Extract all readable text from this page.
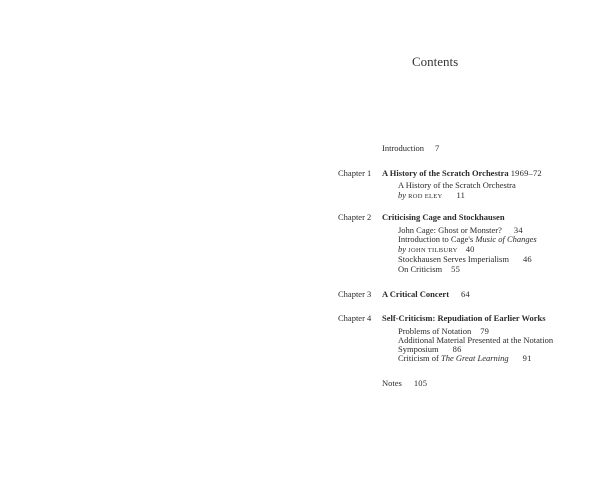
Contents
Introduction 7
Chapter 1 A History of the Scratch Orchestra 1969–72
A History of the Scratch Orchestra
by ROD ELEY 11
Chapter 2 Criticising Cage and Stockhausen
John Cage: Ghost or Monster? 34
Introduction to Cage's Music of Changes
by JOHN TILBURY 40
Stockhausen Serves Imperialism 46
On Criticism 55
Chapter 3 A Critical Concert 64
Chapter 4 Self-Criticism: Repudiation of Earlier Works
Problems of Notation 79
Additional Material Presented at the Notation
Symposium 86
Criticism of The Great Learning 91
Notes 105
